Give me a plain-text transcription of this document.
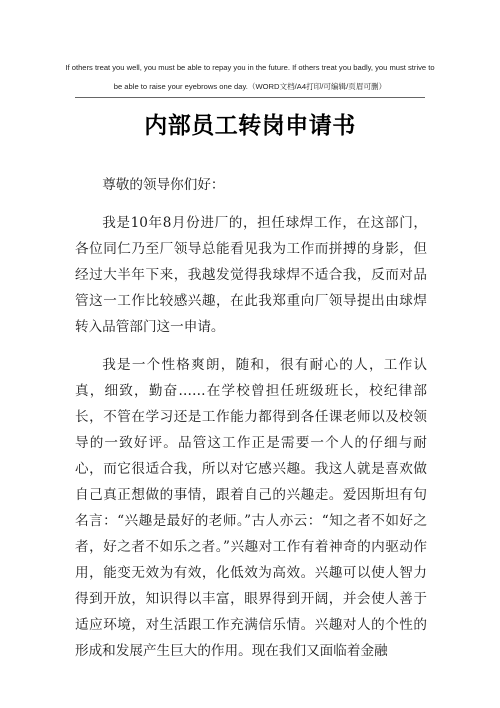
If others treat you well, you must be able to repay you in the future. If others treat you badly, you must strive to
be able to raise your eyebrows one day.（WORD文档/A4打印/可编辑/页眉可删）
内部员工转岗申请书

尊敬的领导你们好：

我是10年8月份进厂的，担任球焊工作，在这部门，各位同仁乃至厂领导总能看见我为工作而拼搏的身影，但经过大半年下来，我越发觉得我球焊不适合我，反而对品管这一工作比较感兴趣，在此我郑重向厂领导提出由球焊转入品管部门这一申请。

我是一个性格爽朗，随和，很有耐心的人，工作认真，细致，勤奋……在学校曾担任班级班长，校纪律部长，不管在学习还是工作能力都得到各任课老师以及校领导的一致好评。品管这工作正是需要一个人的仔细与耐心，而它很适合我，所以对它感兴趣。我这人就是喜欢做自己真正想做的事情，跟着自己的兴趣走。爱因斯坦有句名言：“兴趣是最好的老师。”古人亦云：“知之者不如好之者，好之者不如乐之者。”兴趣对工作有着神奇的内驱动作用，能变无效为有效，化低效为高效。兴趣可以使人智力得到开放，知识得以丰富，眼界得到开阔，并会使人善于适应环境，对生活跟工作充满信乐情。兴趣对人的个性的形成和发展产生巨大的作用。现在我们又面临着金融
